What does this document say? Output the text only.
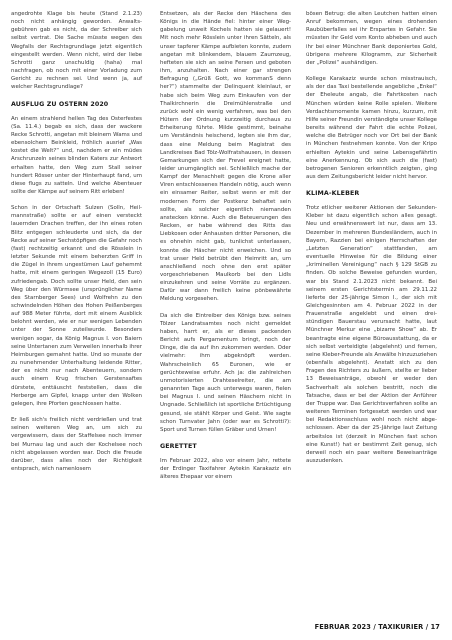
angedrohte Klage bis heute (Stand 2.1.23) noch nicht anhängig geworden. Anwaltsgebühren gab es nicht, da der Schreiber sich selbst vertrat. Die Sache müsste wegen des Wegfalls der Rechtsgrundlage jetzt eigentlich eingestellt werden. Wenn nicht, wird der liebe Schrotti ganz unschuldig (haha) mal nachfragen, ob noch mit einer Vorladung zum Gericht zu rechnen sei. Und wenn ja, auf welcher Rechtsgrundlage?

AUSFLUG ZU OSTERN 2020

An einem strahlend hellen Tag des Osterfestes (Sa. 11.4.) begab es sich, dass der wackere Recke Schrotti, angetan mit bleinem Wams und ebensolchem Beinkleid, fröhlich ausrief „Was kostet die Welt?“ und, nachdem er ein müdes Arschrunzeln seines blinden Katers zur Antwort erhalten hatte, den Weg zum Stall seiner hundert Rösser unter der Hinterhaupt fand, um diese flugs zu satteln. Und welche Abenteuer sollte der Kämpe auf seinem Ritt erleben!

Schon in der Ortschaft Sulzen (Solln, Heilmannstraße) sollte er auf einen versteckt lauernden Drachen treffen, der ihn eines roten Blitz entgegen schleuderte und sich, da der Recke auf seiner Sechstöpfigen die Gefahr noch (fast) rechtzeitig erkannt und die Rösslein in letzter Sekunde mit einem beherzten Griff in die Zügel in ihrem ungestümen Lauf gehemmt hatte, mit einem geringen Wegezoll (15 Euro) zufriedengab. Doch sollte unser Held, den sein Weg über den Würmsee (ursprünglicher Name des Starnberger Sees) und Wolfrehn zu den schwindelnden Höhen des Hohen Peißenberges auf 988 Meter führte, dort mit einem Ausblick belohnt werden, wie er nur wenigen Lebenden unter der Sonne zuteilwurde. Besonders wenigen sogar, da König Magnus I. von Baiern seine Untertanen zum Verweilen innerhalb ihrer Heimburgen gemahnt hatte. Und so musste der zu nunehmender Unterhaltung leidende Ritter, der es nicht nur nach Abenteuern, sondern auch einem Krug frischen Gerstensaftes dürstete, enttäuscht feststellen, dass die Herberge am Gipfel, knapp unter den Wolken gelegen, ihre Pforten geschlossen hatte.

Er ließ sich's freilich nicht verdrießen und trat seinen weiteren Weg an, um sich zu vergewissern, dass der Staffelsee noch immer bei Murnau lag und auch der Kochelsee noch nicht abgelassen worden war. Doch die Freude darüber, dass alles noch der Richtigkeit entsprach, wich namenlosem

Entsetzen, als der Recke den Häschens des Königs in die Hände fiel: hinter einer Weggabelung unweit Kochels hatten sie gelauert! Mit noch mehr Rösslein unter ihren Sätteln, als unser tapferer Kämpe aufbieten konnte, zudem angetan mit blinkendem, blauem Zaumzeug, hefteten sie sich an seine Fersen und geboten ihm, anzuhalten. Nach einer gar strengen Befragung („Grüß Gott, wo kommanS denn her?“) stammelte der Delinquent kleinlaut, er habe sich beim Weg zum Einkaufen von der Thalkirchnerin die Dreimühlenstraße und zurück wohl ein wenig verfahren, was bei den Hütern der Ordnung kurzzeitig durchaus zu Erheiterung führte. Milde gestimmt, beinahe um Verständnis heischend, legten sie ihm dar, dass eine Meldung beim Magistrat des Landkreises Bad Tölz-Wolfratshausen, in dessen Gemarkungen sich der Frevel ereignet hatte, leider unumgänglich sei. Schließlich mache der Kampf der Menschheit gegen die Krone aller Viren entschlossenes Handeln nötig, auch wenn ein einsamer Reiter, selbst wenn er mit der modernen Form der Postkenz behaftet sein sollte, als solcher eigentlich niemanden anstecken könne. Auch die Beteuerungen des Recken, er habe während des Ritts das Liebkosen oder Anhausten dritter Personen, die es ohnehin nicht gab, tunlichst unterlassen, konnte die Häscher nicht erweichen. Und so trat unser Held betrübt den Heimritt an, um anschließend noch ohne den erst später vorgeschriebenen Maulkorb bei den Lidls einzukehren und seine Vorräte zu ergänzen. Dafür war dann freilich keine pönbewährte Meldung vorgesehen.

Da sich die Eintreiber des Königs bzw. seines Tölzer Landratsamtes noch nicht gemeldet haben, harrt er, als er dieses packenden Bericht aufs Pergamentum bringt, noch der Dinge, die da auf ihn zukommen werden. Oder vielmehr: ihm abgeknöpft werden. Wahrscheinlich 65 Euronen, wie er gerüchteweise erfuhr. Ach ja: die zahlreichen unmotorisierten Drahteselreiter, die am genannten Tage auch unterwegs waren, fielen bei Magnus I. und seinen Häschern nicht in Ungnade. Schließlich ist sportliche Ertüchtigung gesund, sie stählt Körper und Geist. Wie sagte schon Turnvater Jahn (oder war es Schrotti?): Sport und Turnen füllen Gräber und Urnen!

GERETTET

Im Februar 2022, also vor einem Jahr, rettete der Erdinger Taxifahrer Aytekin Karakaziz ein älteres Ehepaar vor einem

bösen Betrug: die alten Leutchen hatten einen Anruf bekommen, wegen eines drohenden Raubüberfalles sei ihr Erspartes in Gefahr. Sie müssten ihr Geld vom Konto abheben und auch ihr bei einer Münchner Bank deponiertes Gold, übrigens mehrere Kilogramm, zur Sicherheit der „Polizei“ aushändigen.

Kollege Karakaziz wurde schon misstrauisch, als der das Taxi bestellende angebliche „Enkel“ der Eheleute angab, die Fahrtkosten nach München würden keine Rolle spielen. Weitere Verdachtsmomente kamen hinzu, kurzum, mit Hilfe seiner Freundin verständigte unser Kollege bereits während der Fahrt die echte Polizei, welche die Betrüger noch vor Ort bei der Bank in München festnehmen konnte. Von der Kripo erhielten Aytekin und seine Lebensgefährtin eine Anerkennung. Ob sich auch die (fast) betrogenen Senioren erkenntlich zeigten, ging aus dem Zeitungsbericht leider nicht hervor.

KLIMA-KLEBER

Trotz etlicher weiterer Aktionen der Sekunden-Kleber ist dazu eigentlich schon alles gesagt. Neu und erwähnenswert ist nur, dass am 13. Dezember in mehreren Bundesländern, auch in Bayern, Razzien bei einigen Herrschaften der „Letzten Generation“ stattfanden, am eventuelle Hinweise für die Bildung einer „kriminellen Vereinigung“ nach § 129 StGB zu finden. Ob solche Beweise gefunden wurden, war bis Stand 2.1.2023 nicht bekannt. Bei seinem ersten Gerichtstermin am 29.11.22 lieferte der 25-jährige Simon I., der sich mit Gleichgesinnten am 4. Februar 2022 in der Frauenstraße angeklebt und einen dreistündigen Bauerstau verursacht hatte, laut Münchner Merkur eine „bizarre Show“ ab. Er beantragte eine eigene Büroausstattung, da er sich selbst verteidigte (abgelehnt) und fernen, seine Kleber-Freunde als Anwälte hinzuzuziehen (ebenfalls abgelehnt). Anstatt sich zu den Fragen des Richters zu äußern, stellte er lieber 13 Beweisanträge, obwohl er weder den Sachverhalt als solchen bestritt, noch die Tatsache, dass er bei der Aktion der Anführer der Truppe war. Das Gerichtsverfahren sollte an weiteren Terminen fortgesetzt werden und war bei Redaktionsschluss wohl noch nicht abgeschlossen. Aber da der 25-Jährige laut Zeitung arbeitslos ist (derzeit in München fast schon eine Kunst!) hat er bestimmt Zeit genug, sich derweil noch ein paar weitere Beweisanträge auszudenken.

FEBRUAR 2023 / TAXIKURIER / 17
